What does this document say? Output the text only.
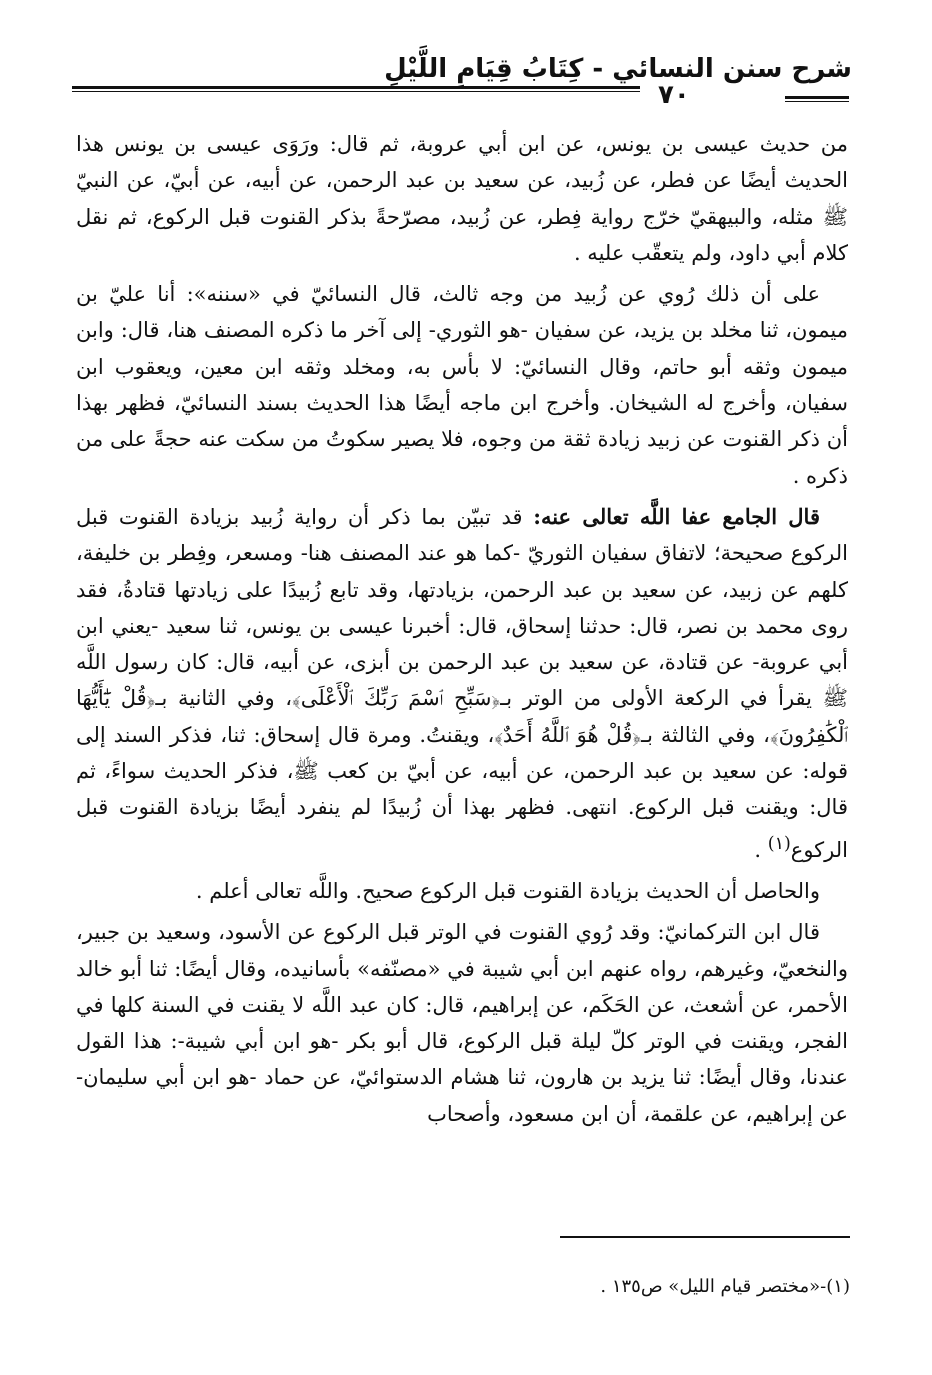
شرح سنن النسائي - كِتَابُ قِيَامِ اللَّيْلِ
٧٠

من حديث عيسى بن يونس، عن ابن أبي عروبة، ثم قال: ورَوَى عيسى بن يونس هذا الحديث أيضًا عن فطر، عن زُبيد، عن سعيد بن عبد الرحمن، عن أبيه، عن أبيّ، عن النبيّ ﷺ مثله، والبيهقيّ خرّج رواية فِطر، عن زُبيد، مصرّحةً بذكر القنوت قبل الركوع، ثم نقل كلام أبي داود، ولم يتعقّب عليه .

على أن ذلك رُوي عن زُبيد من وجه ثالث، قال النسائيّ في «سننه»: أنا عليّ بن ميمون، ثنا مخلد بن يزيد، عن سفيان -هو الثوري- إلى آخر ما ذكره المصنف هنا، قال: وابن ميمون وثقه أبو حاتم، وقال النسائيّ: لا بأس به، ومخلد وثقه ابن معين، ويعقوب ابن سفيان، وأخرج له الشيخان. وأخرج ابن ماجه أيضًا هذا الحديث بسند النسائيّ، فظهر بهذا أن ذكر القنوت عن زبيد زيادة ثقة من وجوه، فلا يصير سكوتُ من سكت عنه حجةً على من ذكره .

قال الجامع عفا اللَّه تعالى عنه: قد تبيّن بما ذكر أن رواية زُبيد بزيادة القنوت قبل الركوع صحيحة؛ لاتفاق سفيان الثوريّ -كما هو عند المصنف هنا- ومسعر، وفِطر بن خليفة، كلهم عن زبيد، عن سعيد بن عبد الرحمن، بزيادتها، وقد تابع زُبيدًا على زيادتها قتادةُ، فقد روى محمد بن نصر، قال: حدثنا إسحاق، قال: أخبرنا عيسى بن يونس، ثنا سعيد -يعني ابن أبي عروبة- عن قتادة، عن سعيد بن عبد الرحمن بن أبزى، عن أبيه، قال: كان رسول اللَّه ﷺ يقرأ في الركعة الأولى من الوتر بـ﴿سَبِّحِ ٱسْمَ رَبِّكَ ٱلْأَعْلَى﴾، وفي الثانية بـ﴿قُلْ يَٰٓأَيُّهَا ٱلْكَٰفِرُونَ﴾، وفي الثالثة بـ﴿قُلْ هُوَ ٱللَّهُ أَحَدٌ﴾، ويقنتُ. ومرة قال إسحاق: ثنا، فذكر السند إلى قوله: عن سعيد بن عبد الرحمن، عن أبيه، عن أبيّ بن كعب ﷺ، فذكر الحديث سواءً، ثم قال: ويقنت قبل الركوع. انتهى. فظهر بهذا أن زُبيدًا لم ينفرد أيضًا بزيادة القنوت قبل الركوع$^{(١)}$ .

والحاصل أن الحديث بزيادة القنوت قبل الركوع صحيح. واللَّه تعالى أعلم .

قال ابن التركمانيّ: وقد رُوي القنوت في الوتر قبل الركوع عن الأسود، وسعيد بن جبير، والنخعيّ، وغيرهم، رواه عنهم ابن أبي شيبة في «مصنّفه» بأسانيده، وقال أيضًا: ثنا أبو خالد الأحمر، عن أشعث، عن الحَكَم، عن إبراهيم، قال: كان عبد اللَّه لا يقنت في السنة كلها في الفجر، ويقنت في الوتر كلّ ليلة قبل الركوع، قال أبو بكر -هو ابن أبي شيبة-: هذا القول عندنا، وقال أيضًا: ثنا يزيد بن هارون، ثنا هشام الدستوائيّ، عن حماد -هو ابن أبي سليمان- عن إبراهيم، عن علقمة، أن ابن مسعود، وأصحاب

(١)-«مختصر قيام الليل» ص١٣٥ .
